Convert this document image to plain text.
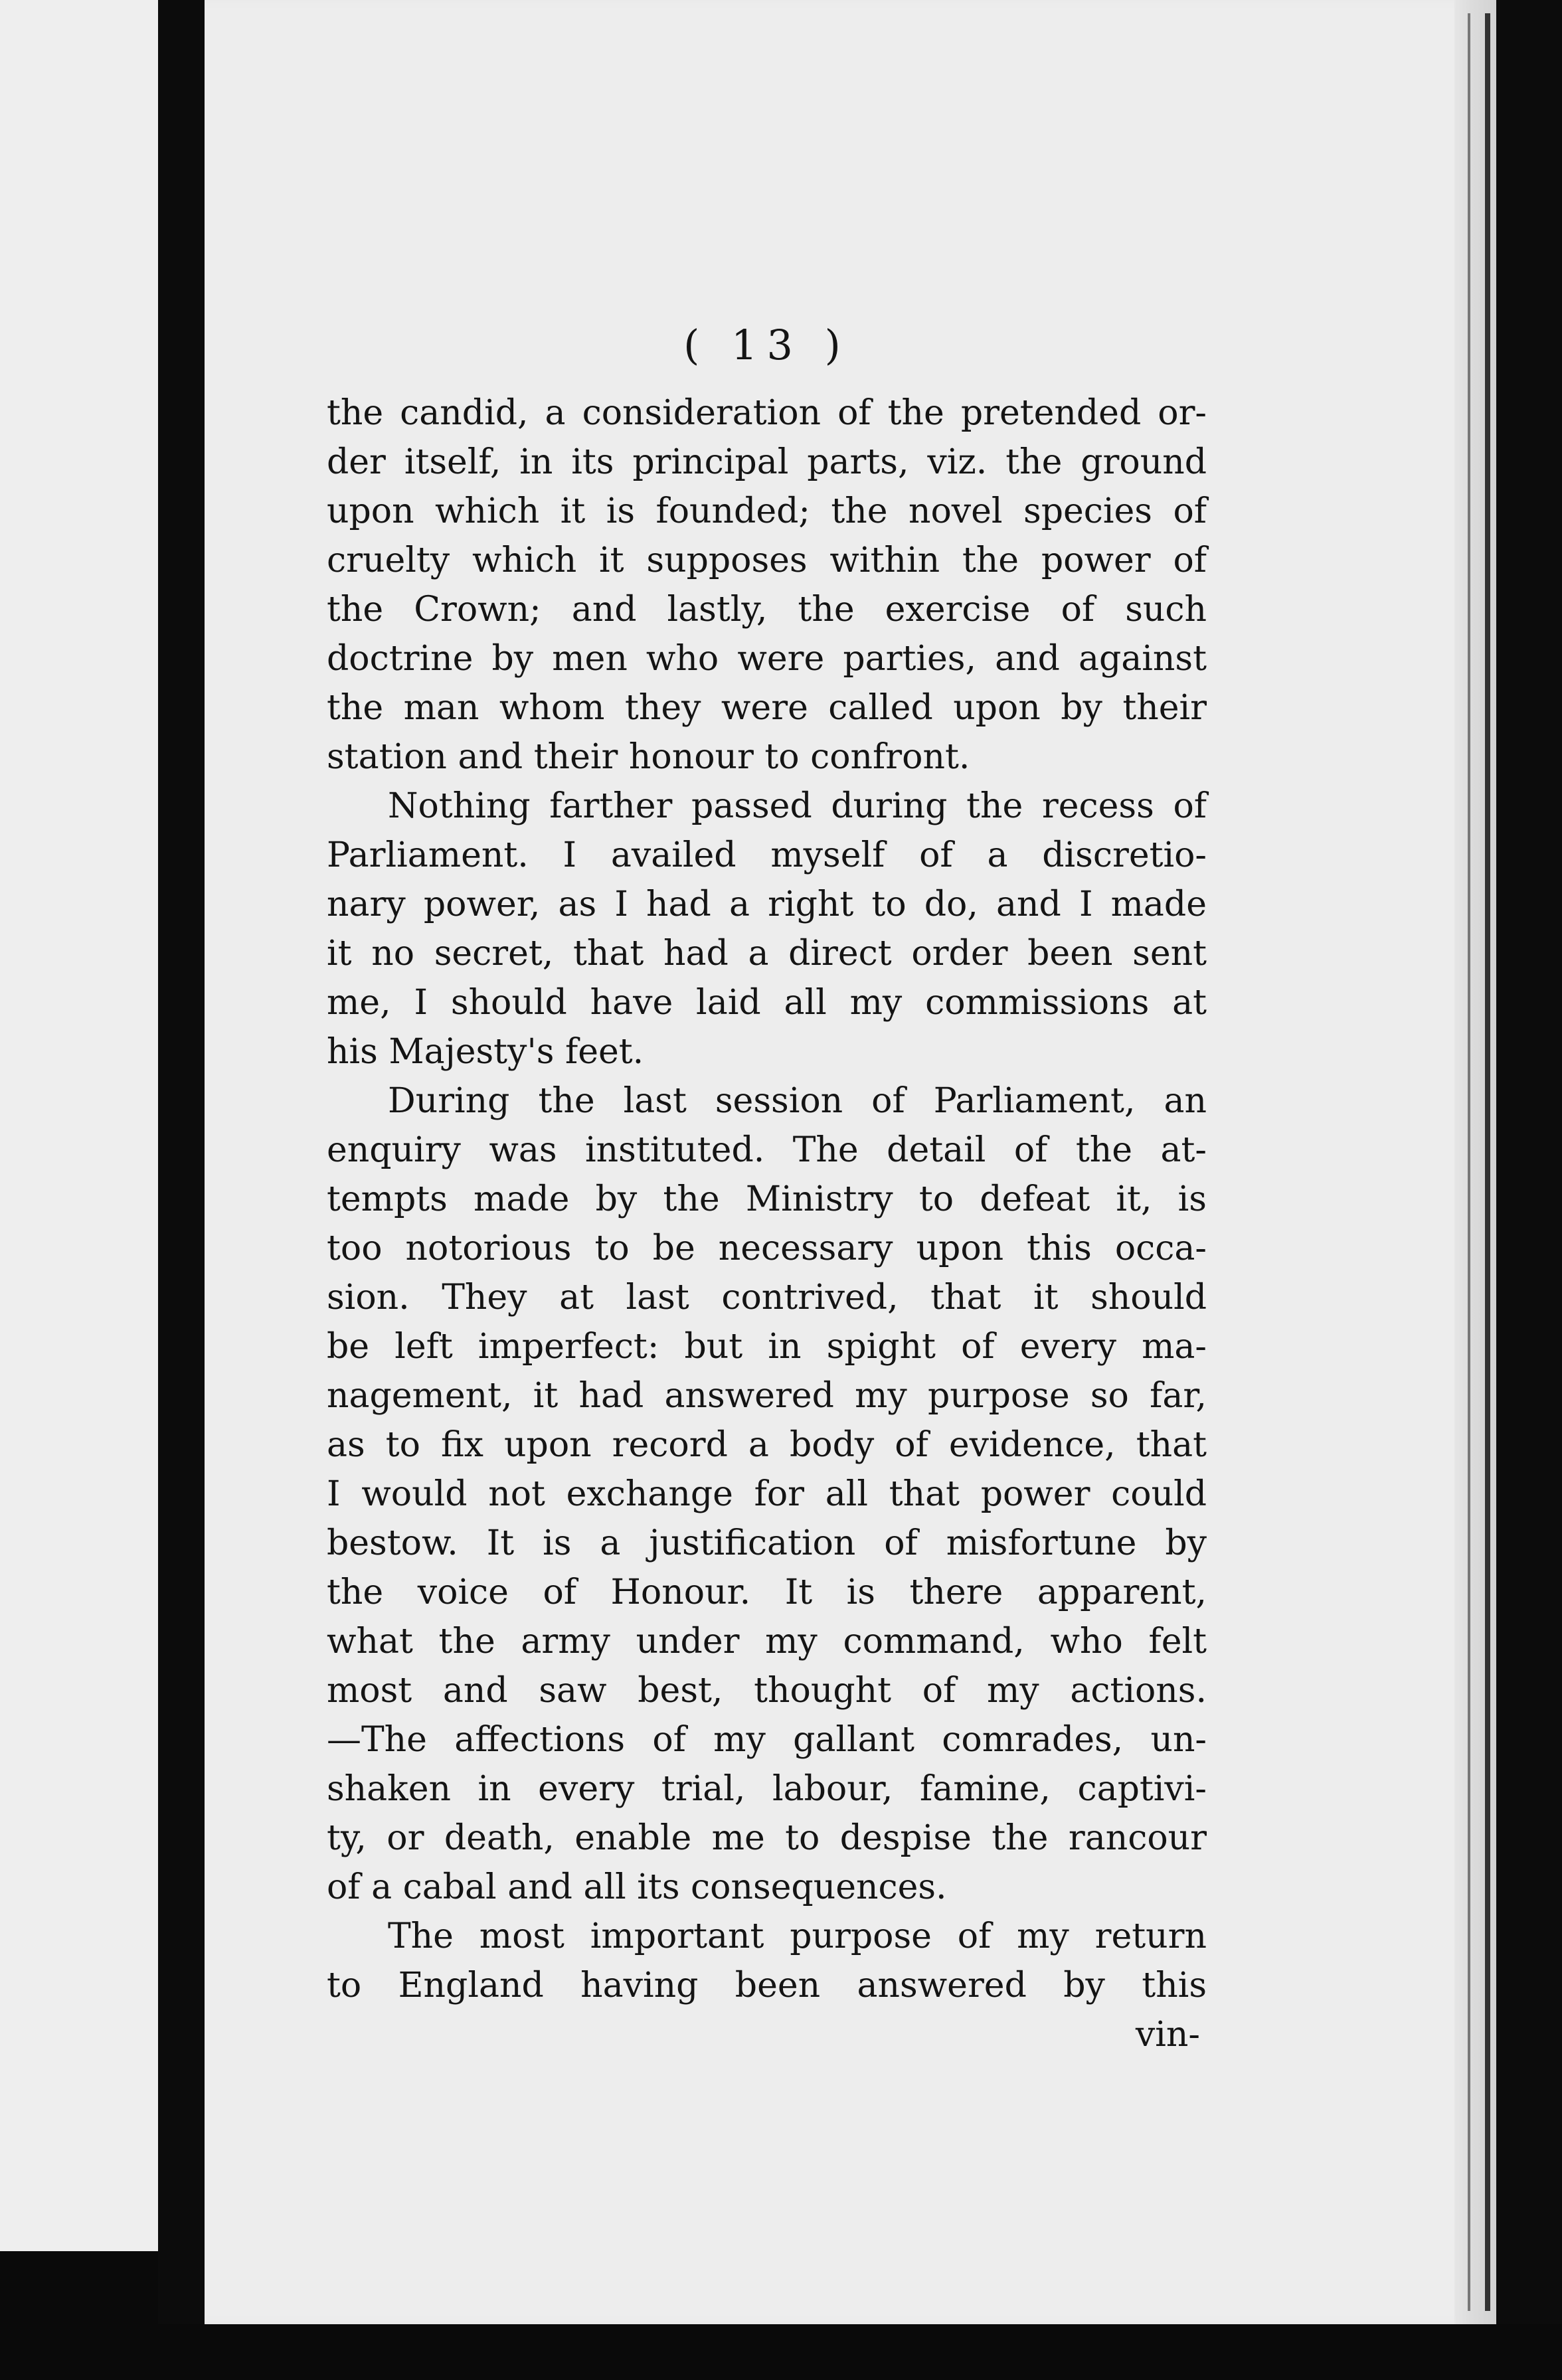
( 13 )
the candid, a consideration of the pretended or-
der itself, in its principal parts, viz. the ground
upon which it is founded; the novel species of
cruelty which it supposes within the power of
the Crown; and lastly, the exercise of such
doctrine by men who were parties, and against
the man whom they were called upon by their
station and their honour to confront.
Nothing farther passed during the recess of
Parliament. I availed myself of a discretio-
nary power, as I had a right to do, and I made
it no secret, that had a direct order been sent
me, I should have laid all my commissions at
his Majesty's feet.
During the last session of Parliament, an
enquiry was instituted. The detail of the at-
tempts made by the Ministry to defeat it, is
too notorious to be necessary upon this occa-
sion. They at last contrived, that it should
be left imperfect: but in spight of every ma-
nagement, it had answered my purpose so far,
as to fix upon record a body of evidence, that
I would not exchange for all that power could
bestow. It is a justification of misfortune by
the voice of Honour. It is there apparent,
what the army under my command, who felt
most and saw best, thought of my actions.
—The affections of my gallant comrades, un-
shaken in every trial, labour, famine, captivi-
ty, or death, enable me to despise the rancour
of a cabal and all its consequences.
The most important purpose of my return
to England having been answered by this
vin-
